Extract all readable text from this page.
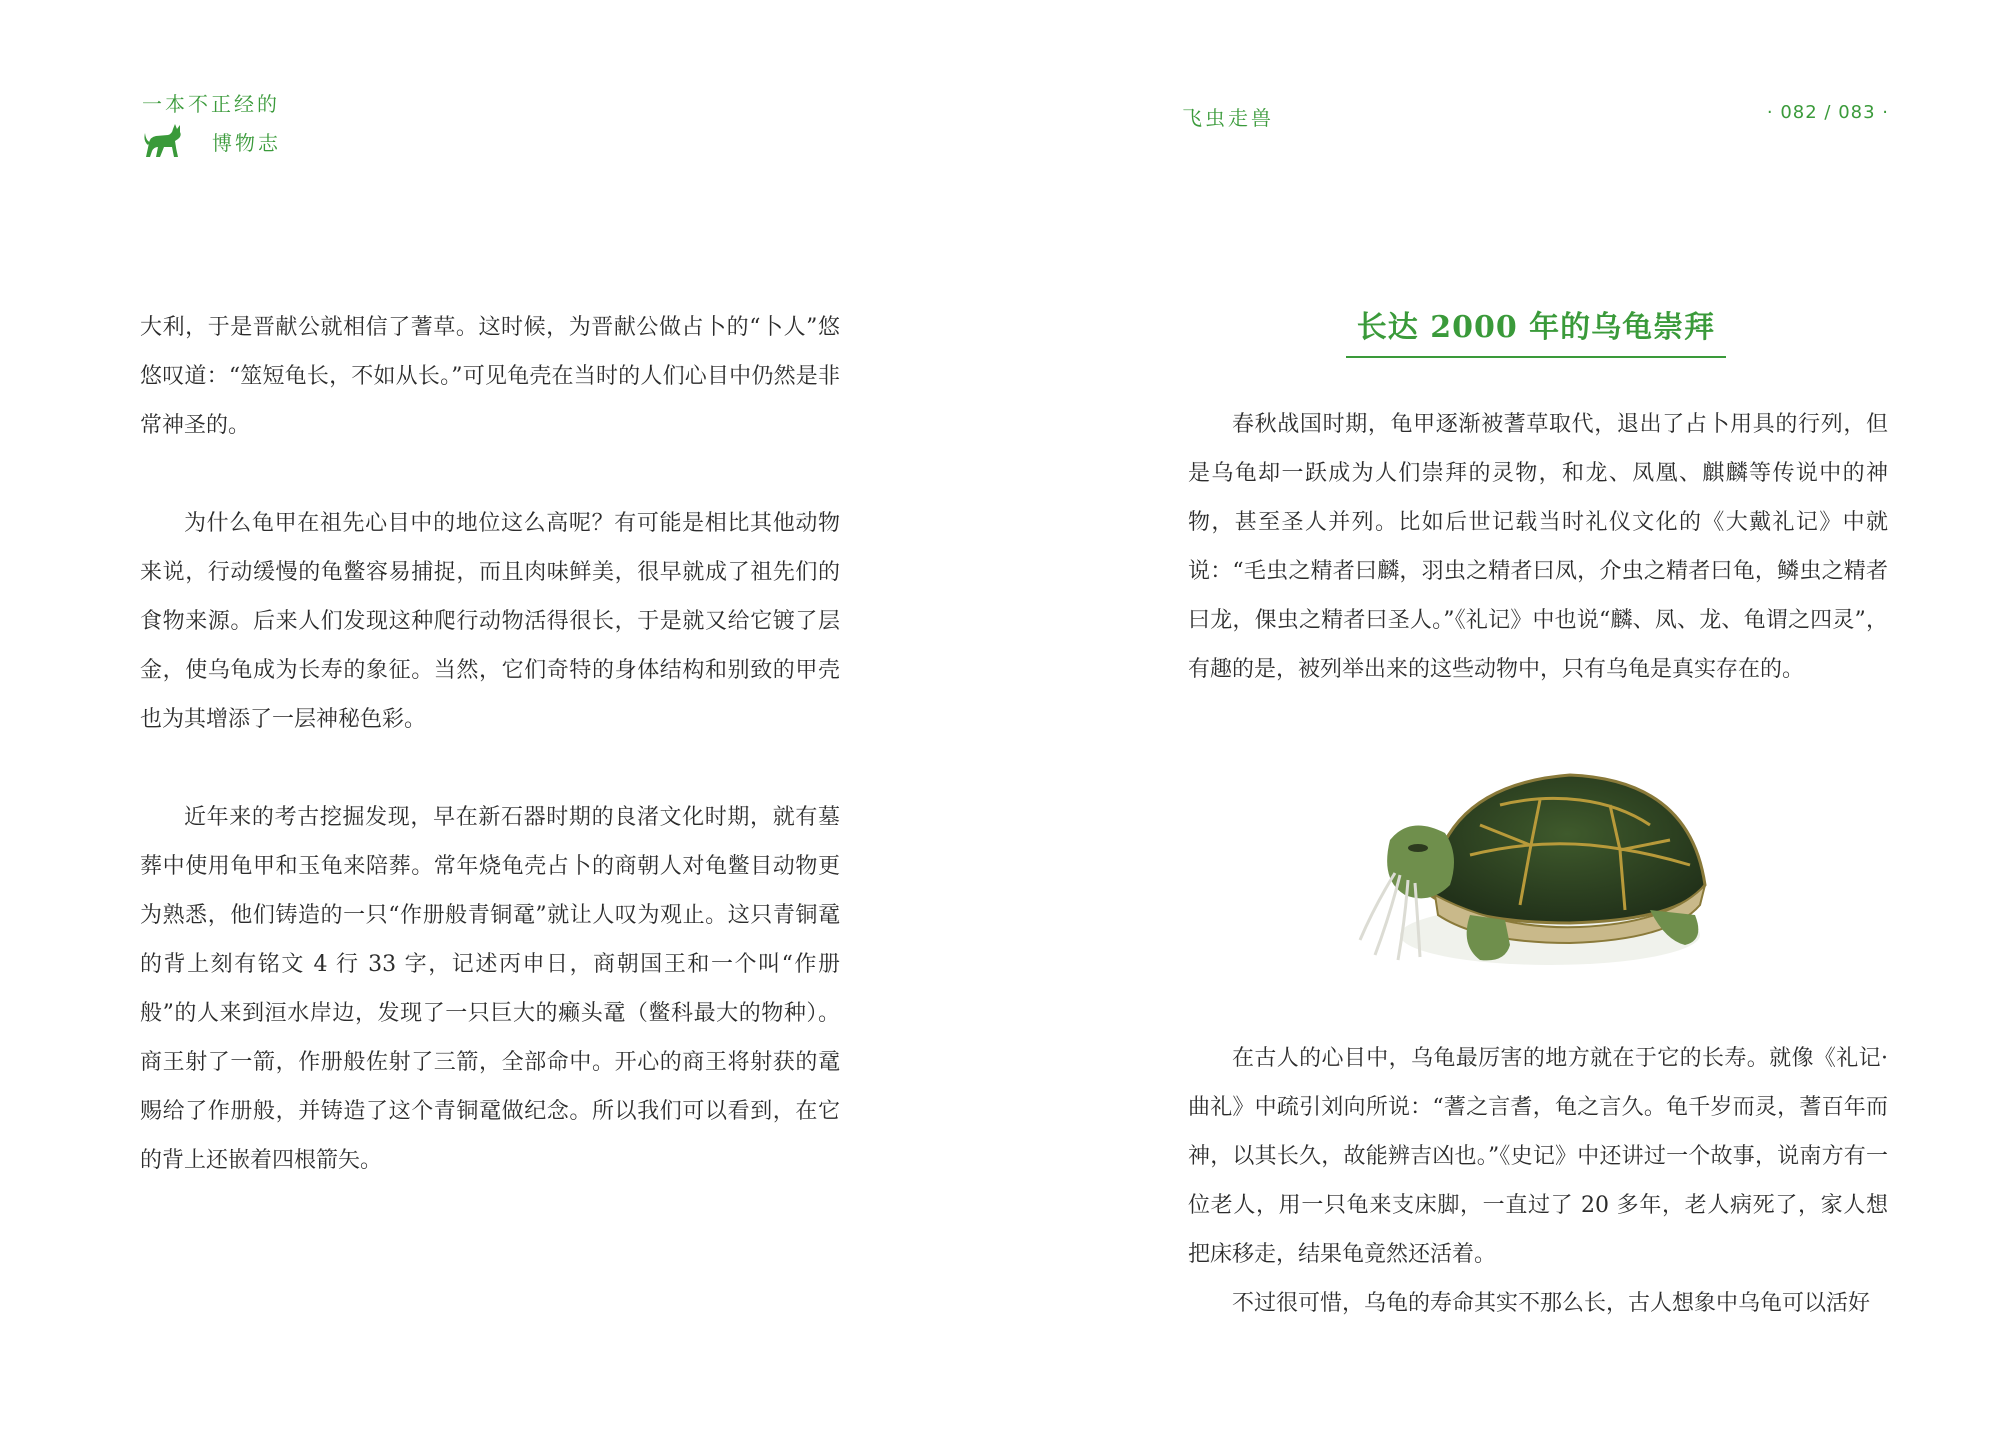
一本不正经的
博物志

大利，于是晋献公就相信了蓍草。这时候，为晋献公做占卜的“卜人”悠悠叹道：“筮短龟长，不如从长。”可见龟壳在当时的人们心目中仍然是非常神圣的。

为什么龟甲在祖先心目中的地位这么高呢？有可能是相比其他动物来说，行动缓慢的龟鳖容易捕捉，而且肉味鲜美，很早就成了祖先们的食物来源。后来人们发现这种爬行动物活得很长，于是就又给它镀了层金，使乌龟成为长寿的象征。当然，它们奇特的身体结构和别致的甲壳也为其增添了一层神秘色彩。

近年来的考古挖掘发现，早在新石器时期的良渚文化时期，就有墓葬中使用龟甲和玉龟来陪葬。常年烧龟壳占卜的商朝人对龟鳖目动物更为熟悉，他们铸造的一只“作册般青铜鼋”就让人叹为观止。这只青铜鼋的背上刻有铭文 4 行 33 字，记述丙申日，商朝国王和一个叫“作册般”的人来到洹水岸边，发现了一只巨大的癞头鼋（鳖科最大的物种）。商王射了一箭，作册般佐射了三箭，全部命中。开心的商王将射获的鼋赐给了作册般，并铸造了这个青铜鼋做纪念。所以我们可以看到，在它的背上还嵌着四根箭矢。

飞虫走兽	· 082 / 083 ·
长达 2000 年的乌龟崇拜

春秋战国时期，龟甲逐渐被蓍草取代，退出了占卜用具的行列，但是乌龟却一跃成为人们崇拜的灵物，和龙、凤凰、麒麟等传说中的神物，甚至圣人并列。比如后世记载当时礼仪文化的《大戴礼记》中就说：“毛虫之精者曰麟，羽虫之精者曰凤，介虫之精者曰龟，鳞虫之精者曰龙，倮虫之精者曰圣人。”《礼记》中也说“麟、凤、龙、龟谓之四灵”，有趣的是，被列举出来的这些动物中，只有乌龟是真实存在的。

在古人的心目中，乌龟最厉害的地方就在于它的长寿。就像《礼记·曲礼》中疏引刘向所说：“蓍之言耆，龟之言久。龟千岁而灵，蓍百年而神，以其长久，故能辨吉凶也。”《史记》中还讲过一个故事，说南方有一位老人，用一只龟来支床脚，一直过了 20 多年，老人病死了，家人想把床移走，结果龟竟然还活着。

不过很可惜，乌龟的寿命其实不那么长，古人想象中乌龟可以活好
